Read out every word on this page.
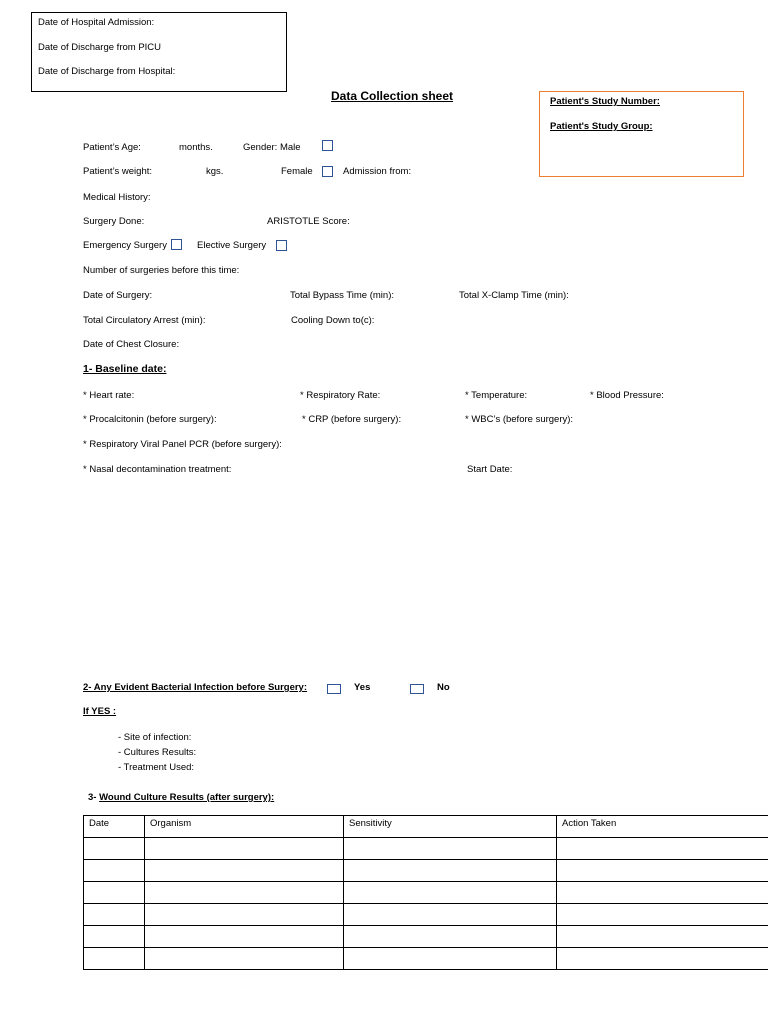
Date of Hospital Admission:
Date of Discharge from PICU
Date of Discharge from Hospital:
Data Collection sheet	Patient's Study Number:
Patient's Study Group:
Patient’s Age:	months.	Gender: Male
Patient’s weight:	kgs.	Female	Admission from:
Medical History:
Surgery Done:	ARISTOTLE Score:
Emergency Surgery	Elective Surgery
Number of surgeries before this time:
Date of Surgery:	Total Bypass Time (min):	Total X-Clamp Time (min):
Total Circulatory Arrest (min):	Cooling Down to(c):
Date of Chest Closure:
1- Baseline date:
* Heart rate:	* Respiratory Rate:	* Temperature:	* Blood Pressure:
* Procalcitonin (before surgery):	* CRP (before surgery):	* WBC’s (before surgery):
* Respiratory Viral Panel PCR (before surgery):
* Nasal decontamination treatment:	Start Date:
2- Any Evident Bacterial Infection before Surgery:	Yes	No
If YES :
- Site of infection:
- Cultures Results:
- Treatment Used:
3- Wound Culture Results (after surgery):
Date	Organism	Sensitivity	Action Taken
